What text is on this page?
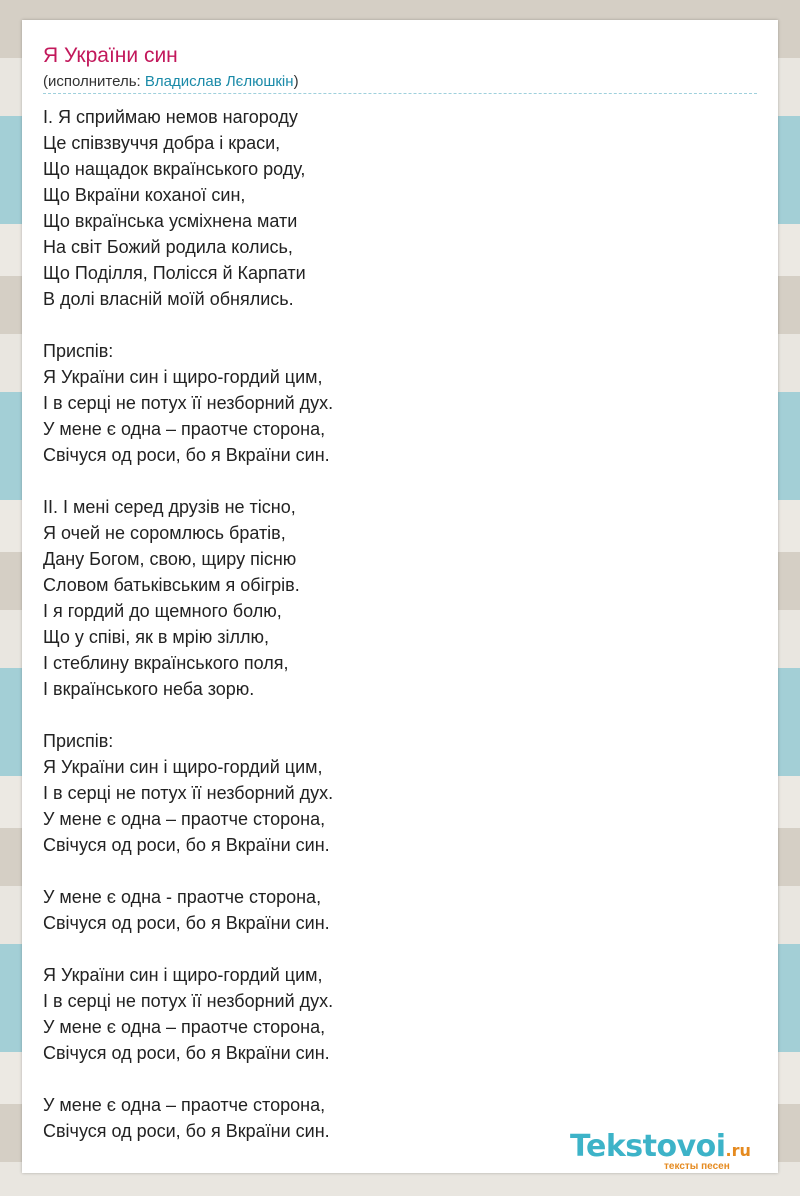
Я України син
(исполнитель: Владислав Лєлюшкін)
I. Я сприймаю немов нагороду
Це співзвуччя добра і краси,
Що нащадок вкраїнського роду,
Що Вкраїни коханої син,
Що вкраїнська усміхнена мати
На світ Божий родила колись,
Що Поділля, Полісся й Карпати
В долі власній моїй обнялись.
Приспів:
Я України син і щиро-гордий цим,
І в серці не потух її незборний дух.
У мене є одна – праотче сторона,
Свічуся од роси, бо я Вкраїни син.
II. І мені серед друзів не тісно,
Я очей не соромлюсь братів,
Дану Богом, свою, щиру пісню
Словом батьківським я обігрів.
І я гордий до щемного болю,
Що у співі, як в мрію зіллю,
І стеблину вкраїнського поля,
І вкраїнського неба зорю.
Приспів:
Я України син і щиро-гордий цим,
І в серці не потух її незборний дух.
У мене є одна – праотче сторона,
Свічуся од роси, бо я Вкраїни син.
У мене є одна - праотче сторона,
Свічуся од роси, бо я Вкраїни син.
Я України син і щиро-гордий цим,
І в серці не потух її незборний дух.
У мене є одна – праотче сторона,
Свічуся од роси, бо я Вкраїни син.
У мене є одна – праотче сторона,
Свічуся од роси, бо я Вкраїни син.	Tekstovoi.ru
тексты песен
